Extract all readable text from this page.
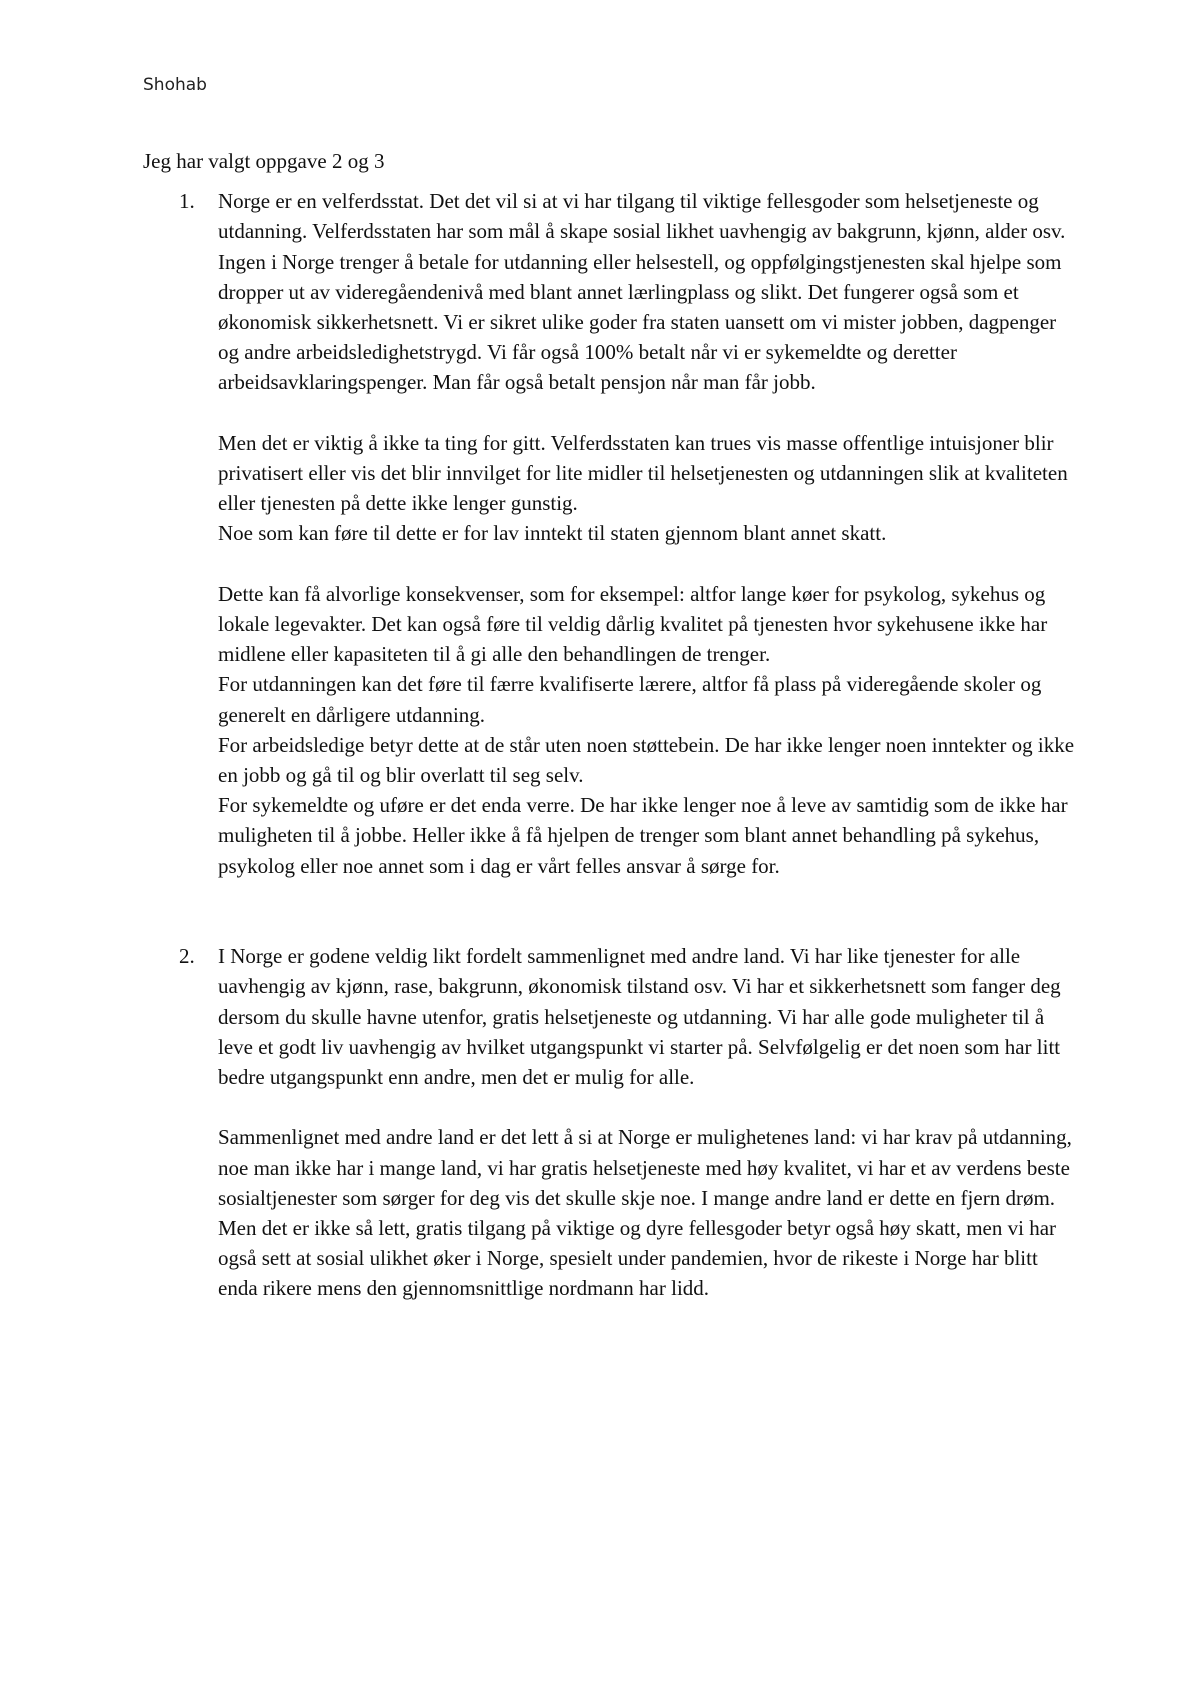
Shohab

Jeg har valgt oppgave 2 og 3

1.	Norge er en velferdsstat. Det det vil si at vi har tilgang til viktige fellesgoder som helsetjeneste og utdanning. Velferdsstaten har som mål å skape sosial likhet uavhengig av bakgrunn, kjønn, alder osv. Ingen i Norge trenger å betale for utdanning eller helsestell, og oppfølgingstjenesten skal hjelpe som dropper ut av videregåendenivå med blant annet lærlingplass og slikt. Det fungerer også som et økonomisk sikkerhetsnett. Vi er sikret ulike goder fra staten uansett om vi mister jobben, dagpenger og andre arbeidsledighetstrygd. Vi får også 100% betalt når vi er sykemeldte og deretter arbeidsavklaringspenger. Man får også betalt pensjon når man får jobb.

Men det er viktig å ikke ta ting for gitt. Velferdsstaten kan trues vis masse offentlige intuisjoner blir privatisert eller vis det blir innvilget for lite midler til helsetjenesten og utdanningen slik at kvaliteten eller tjenesten på dette ikke lenger gunstig.

Noe som kan føre til dette er for lav inntekt til staten gjennom blant annet skatt.

Dette kan få alvorlige konsekvenser, som for eksempel: altfor lange køer for psykolog, sykehus og lokale legevakter. Det kan også føre til veldig dårlig kvalitet på tjenesten hvor sykehusene ikke har midlene eller kapasiteten til å gi alle den behandlingen de trenger.

For utdanningen kan det føre til færre kvalifiserte lærere, altfor få plass på videregående skoler og generelt en dårligere utdanning.

For arbeidsledige betyr dette at de står uten noen støttebein. De har ikke lenger noen inntekter og ikke en jobb og gå til og blir overlatt til seg selv.

For sykemeldte og uføre er det enda verre. De har ikke lenger noe å leve av samtidig som de ikke har muligheten til å jobbe. Heller ikke å få hjelpen de trenger som blant annet behandling på sykehus, psykolog eller noe annet som i dag er vårt felles ansvar å sørge for.

2.	I Norge er godene veldig likt fordelt sammenlignet med andre land. Vi har like tjenester for alle uavhengig av kjønn, rase, bakgrunn, økonomisk tilstand osv. Vi har et sikkerhetsnett som fanger deg dersom du skulle havne utenfor, gratis helsetjeneste og utdanning. Vi har alle gode muligheter til å leve et godt liv uavhengig av hvilket utgangspunkt vi starter på. Selvfølgelig er det noen som har litt bedre utgangspunkt enn andre, men det er mulig for alle.

Sammenlignet med andre land er det lett å si at Norge er mulighetenes land: vi har krav på utdanning, noe man ikke har i mange land, vi har gratis helsetjeneste med høy kvalitet, vi har et av verdens beste sosialtjenester som sørger for deg vis det skulle skje noe. I mange andre land er dette en fjern drøm.

Men det er ikke så lett, gratis tilgang på viktige og dyre fellesgoder betyr også høy skatt, men vi har også sett at sosial ulikhet øker i Norge, spesielt under pandemien, hvor de rikeste i Norge har blitt enda rikere mens den gjennomsnittlige nordmann har lidd.
